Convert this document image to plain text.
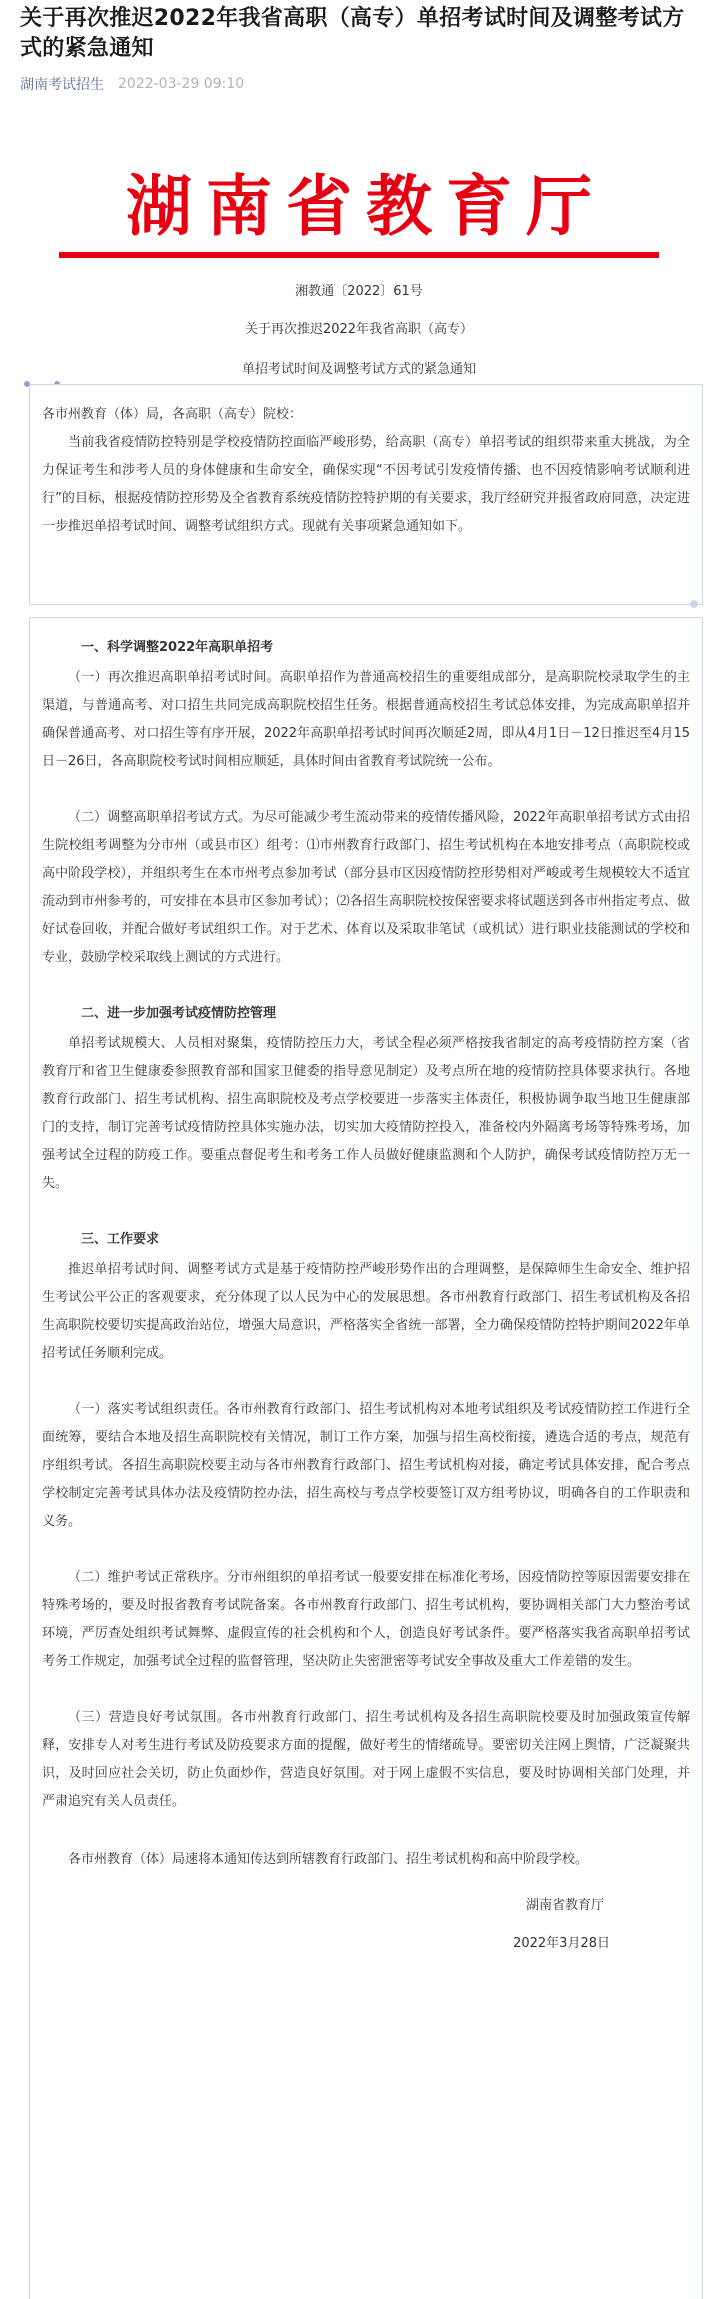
关于再次推迟2022年我省高职（高专）单招考试时间及调整考试方式的紧急通知
湖南考试招生 2022-03-29 09:10
湖南省教育厅
湘教通〔2022〕61号
关于再次推迟2022年我省高职（高专）
单招考试时间及调整考试方式的紧急通知

各市州教育（体）局，各高职（高专）院校：

当前我省疫情防控特别是学校疫情防控面临严峻形势，给高职（高专）单招考试的组织带来重大挑战，为全力保证考生和涉考人员的身体健康和生命安全，确保实现“不因考试引发疫情传播、也不因疫情影响考试顺利进行”的目标，根据疫情防控形势及全省教育系统疫情防控特护期的有关要求，我厅经研究并报省政府同意，决定进一步推迟单招考试时间、调整考试组织方式。现就有关事项紧急通知如下。

一、科学调整2022年高职单招考

（一）再次推迟高职单招考试时间。高职单招作为普通高校招生的重要组成部分，是高职院校录取学生的主渠道，与普通高考、对口招生共同完成高职院校招生任务。根据普通高校招生考试总体安排，为完成高职单招并确保普通高考、对口招生等有序开展，2022年高职单招考试时间再次顺延2周，即从4月1日－12日推迟至4月15日－26日，各高职院校考试时间相应顺延，具体时间由省教育考试院统一公布。

（二）调整高职单招考试方式。为尽可能减少考生流动带来的疫情传播风险，2022年高职单招考试方式由招生院校组考调整为分市州（或县市区）组考：⑴市州教育行政部门、招生考试机构在本地安排考点（高职院校或高中阶段学校），并组织考生在本市州考点参加考试（部分县市区因疫情防控形势相对严峻或考生规模较大不适宜流动到市州参考的，可安排在本县市区参加考试）；⑵各招生高职院校按保密要求将试题送到各市州指定考点、做好试卷回收，并配合做好考试组织工作。对于艺术、体育以及采取非笔试（或机试）进行职业技能测试的学校和专业，鼓励学校采取线上测试的方式进行。

二、进一步加强考试疫情防控管理

单招考试规模大、人员相对聚集，疫情防控压力大，考试全程必须严格按我省制定的高考疫情防控方案（省教育厅和省卫生健康委参照教育部和国家卫健委的指导意见制定）及考点所在地的疫情防控具体要求执行。各地教育行政部门、招生考试机构、招生高职院校及考点学校要进一步落实主体责任，积极协调争取当地卫生健康部门的支持，制订完善考试疫情防控具体实施办法，切实加大疫情防控投入，准备校内外隔离考场等特殊考场，加强考试全过程的防疫工作。要重点督促考生和考务工作人员做好健康监测和个人防护，确保考试疫情防控万无一失。

三、工作要求

推迟单招考试时间、调整考试方式是基于疫情防控严峻形势作出的合理调整，是保障师生生命安全、维护招生考试公平公正的客观要求，充分体现了以人民为中心的发展思想。各市州教育行政部门、招生考试机构及各招生高职院校要切实提高政治站位，增强大局意识，严格落实全省统一部署，全力确保疫情防控特护期间2022年单招考试任务顺利完成。

（一）落实考试组织责任。各市州教育行政部门、招生考试机构对本地考试组织及考试疫情防控工作进行全面统筹，要结合本地及招生高职院校有关情况，制订工作方案，加强与招生高校衔接，遴选合适的考点，规范有序组织考试。各招生高职院校要主动与各市州教育行政部门、招生考试机构对接，确定考试具体安排，配合考点学校制定完善考试具体办法及疫情防控办法，招生高校与考点学校要签订双方组考协议，明确各自的工作职责和义务。

（二）维护考试正常秩序。分市州组织的单招考试一般要安排在标准化考场，因疫情防控等原因需要安排在特殊考场的，要及时报省教育考试院备案。各市州教育行政部门、招生考试机构，要协调相关部门大力整治考试环境，严厉查处组织考试舞弊、虚假宣传的社会机构和个人，创造良好考试条件。要严格落实我省高职单招考试考务工作规定，加强考试全过程的监督管理，坚决防止失密泄密等考试安全事故及重大工作差错的发生。

（三）营造良好考试氛围。各市州教育行政部门、招生考试机构及各招生高职院校要及时加强政策宣传解释，安排专人对考生进行考试及防疫要求方面的提醒，做好考生的情绪疏导。要密切关注网上舆情，广泛凝聚共识，及时回应社会关切，防止负面炒作，营造良好氛围。对于网上虚假不实信息，要及时协调相关部门处理，并严肃追究有关人员责任。

各市州教育（体）局速将本通知传达到所辖教育行政部门、招生考试机构和高中阶段学校。

湖南省教育厅

2022年3月28日
